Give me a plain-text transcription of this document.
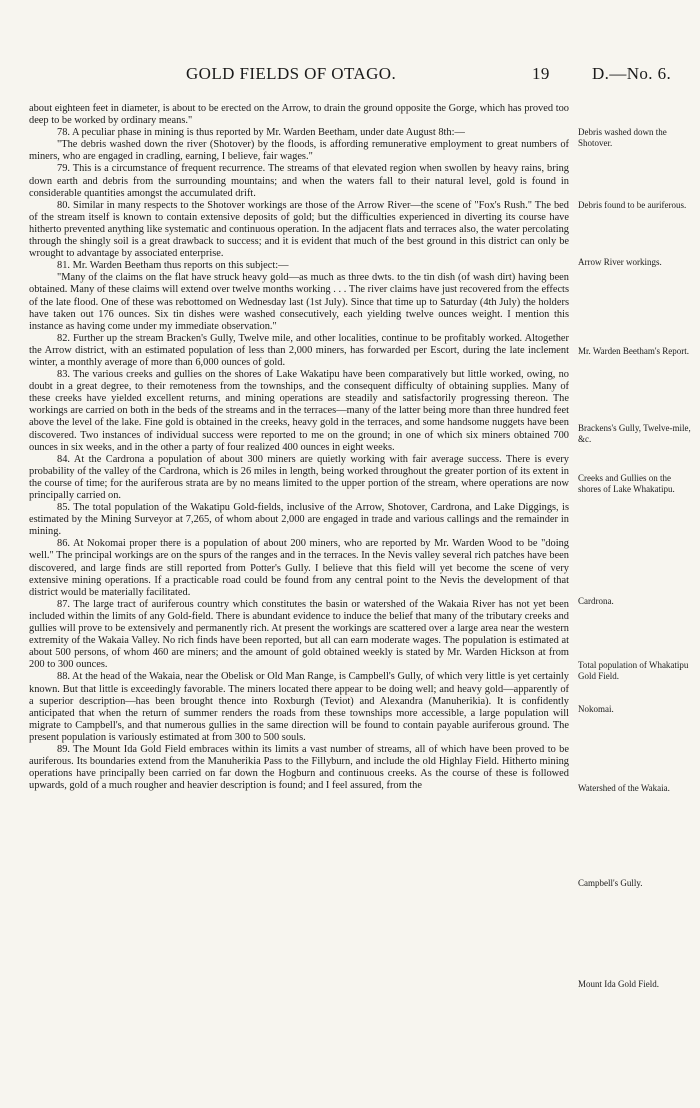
GOLD FIELDS OF OTAGO.	19 D.—No. 6.

about eighteen feet in diameter, is about to be erected on the Arrow, to drain the ground opposite the Gorge, which has proved too deep to be worked by ordinary means."

78. A peculiar phase in mining is thus reported by Mr. Warden Beetham, under date August 8th:—

"The debris washed down the river (Shotover) by the floods, is affording remunerative employment to great numbers of miners, who are engaged in cradling, earning, I believe, fair wages."

79. This is a circumstance of frequent recurrence. The streams of that elevated region when swollen by heavy rains, bring down earth and debris from the surrounding mountains; and when the waters fall to their natural level, gold is found in considerable quantities amongst the accumulated drift.

80. Similar in many respects to the Shotover workings are those of the Arrow River—the scene of "Fox's Rush." The bed of the stream itself is known to contain extensive deposits of gold; but the difficulties experienced in diverting its course have hitherto prevented anything like systematic and continuous operation. In the adjacent flats and terraces also, the water percolating through the shingly soil is a great drawback to success; and it is evident that much of the best ground in this district can only be wrought to advantage by associated enterprise.

81. Mr. Warden Beetham thus reports on this subject:—

"Many of the claims on the flat have struck heavy gold—as much as three dwts. to the tin dish (of wash dirt) having been obtained. Many of these claims will extend over twelve months working . . . The river claims have just recovered from the effects of the late flood. One of these was rebottomed on Wednesday last (1st July). Since that time up to Saturday (4th July) the holders have taken out 176 ounces. Six tin dishes were washed consecutively, each yielding twelve ounces weight. I mention this instance as having come under my immediate observation."

82. Further up the stream Bracken's Gully, Twelve mile, and other localities, continue to be profitably worked. Altogether the Arrow district, with an estimated population of less than 2,000 miners, has forwarded per Escort, during the late inclement winter, a monthly average of more than 6,000 ounces of gold.

83. The various creeks and gullies on the shores of Lake Wakatipu have been comparatively but little worked, owing, no doubt in a great degree, to their remoteness from the townships, and the consequent difficulty of obtaining supplies. Many of these creeks have yielded excellent returns, and mining operations are steadily and satisfactorily progressing thereon. The workings are carried on both in the beds of the streams and in the terraces—many of the latter being more than three hundred feet above the level of the lake. Fine gold is obtained in the creeks, heavy gold in the terraces, and some handsome nuggets have been discovered. Two instances of individual success were reported to me on the ground; in one of which six miners obtained 700 ounces in six weeks, and in the other a party of four realized 400 ounces in eight weeks.

84. At the Cardrona a population of about 300 miners are quietly working with fair average success. There is every probability of the valley of the Cardrona, which is 26 miles in length, being worked throughout the greater portion of its extent in the course of time; for the auriferous strata are by no means limited to the upper portion of the stream, where operations are now principally carried on.

85. The total population of the Wakatipu Gold-fields, inclusive of the Arrow, Shotover, Cardrona, and Lake Diggings, is estimated by the Mining Surveyor at 7,265, of whom about 2,000 are engaged in trade and various callings and the remainder in mining.

86. At Nokomai proper there is a population of about 200 miners, who are reported by Mr. Warden Wood to be "doing well." The principal workings are on the spurs of the ranges and in the terraces. In the Nevis valley several rich patches have been discovered, and large finds are still reported from Potter's Gully. I believe that this field will yet become the scene of very extensive mining operations. If a practicable road could be found from any central point to the Nevis the development of that district would be materially facilitated.

87. The large tract of auriferous country which constitutes the basin or watershed of the Wakaia River has not yet been included within the limits of any Gold-field. There is abundant evidence to induce the belief that many of the tributary creeks and gullies will prove to be extensively and permanently rich. At present the workings are scattered over a large area near the western extremity of the Wakaia Valley. No rich finds have been reported, but all can earn moderate wages. The population is estimated at about 500 persons, of whom 460 are miners; and the amount of gold obtained weekly is stated by Mr. Warden Hickson at from 200 to 300 ounces.

88. At the head of the Wakaia, near the Obelisk or Old Man Range, is Campbell's Gully, of which very little is yet certainly known. But that little is exceedingly favorable. The miners located there appear to be doing well; and heavy gold—apparently of a superior description—has been brought thence into Roxburgh (Teviot) and Alexandra (Manuherikia). It is confidently anticipated that when the return of summer renders the roads from these townships more accessible, a large population will migrate to Campbell's, and that numerous gullies in the same direction will be found to contain payable auriferous ground. The present population is variously estimated at from 300 to 500 souls.

89. The Mount Ida Gold Field embraces within its limits a vast number of streams, all of which have been proved to be auriferous. Its boundaries extend from the Manuherikia Pass to the Fillyburn, and include the old Highlay Field. Hitherto mining operations have principally been carried on far down the Hogburn and continuous creeks. As the course of these is followed upwards, gold of a much rougher and heavier description is found; and I feel assured, from the

Debris washed down the Shotover.
Debris found to be auriferous.
Arrow River workings.
Mr. Warden Beetham's Report.
Brackens's Gully, Twelve-mile, &c.
Creeks and Gullies on the shores of Lake Whakatipu.
Cardrona.
Total population of Whakatipu Gold Field.
Nokomai.
Watershed of the Wakaia.
Campbell's Gully.
Mount Ida Gold Field.
